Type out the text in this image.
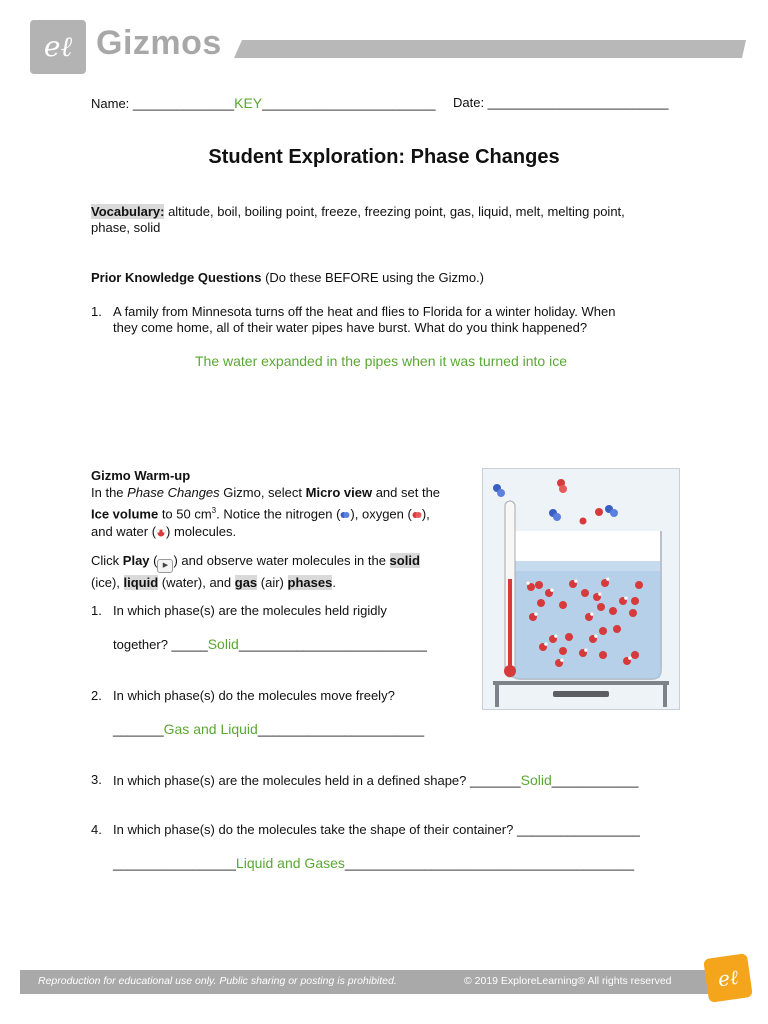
eℓ Gizmos
Name: ______________KEY________________________ Date: _________________________
Student Exploration: Phase Changes
Vocabulary: altitude, boil, boiling point, freeze, freezing point, gas, liquid, melt, melting point,
phase, solid
Prior Knowledge Questions (Do these BEFORE using the Gizmo.)
1. A family from Minnesota turns off the heat and flies to Florida for a winter holiday. When
they come home, all of their water pipes have burst. What do you think happened?
The water expanded in the pipes when it was turned into ice
Gizmo Warm-up
In the Phase Changes Gizmo, select Micro view and set the
Ice volume to 50 $cm^3$. Notice the nitrogen ( ), oxygen ( ),
and water ( ) molecules.
Click Play ( ▶ ) and observe water molecules in the solid
(ice), liquid (water), and gas (air) phases.
1. In which phase(s) are the molecules held rigidly
together? _____Solid__________________________
2. In which phase(s) do the molecules move freely?
_______Gas and Liquid_______________________
3. In which phase(s) are the molecules held in a defined shape? _______Solid____________
4. In which phase(s) do the molecules take the shape of their container? _________________
_________________Liquid and Gases________________________________________
Reproduction for educational use only. Public sharing or posting is prohibited.	© 2019 ExploreLearning® All rights reserved	eℓ
